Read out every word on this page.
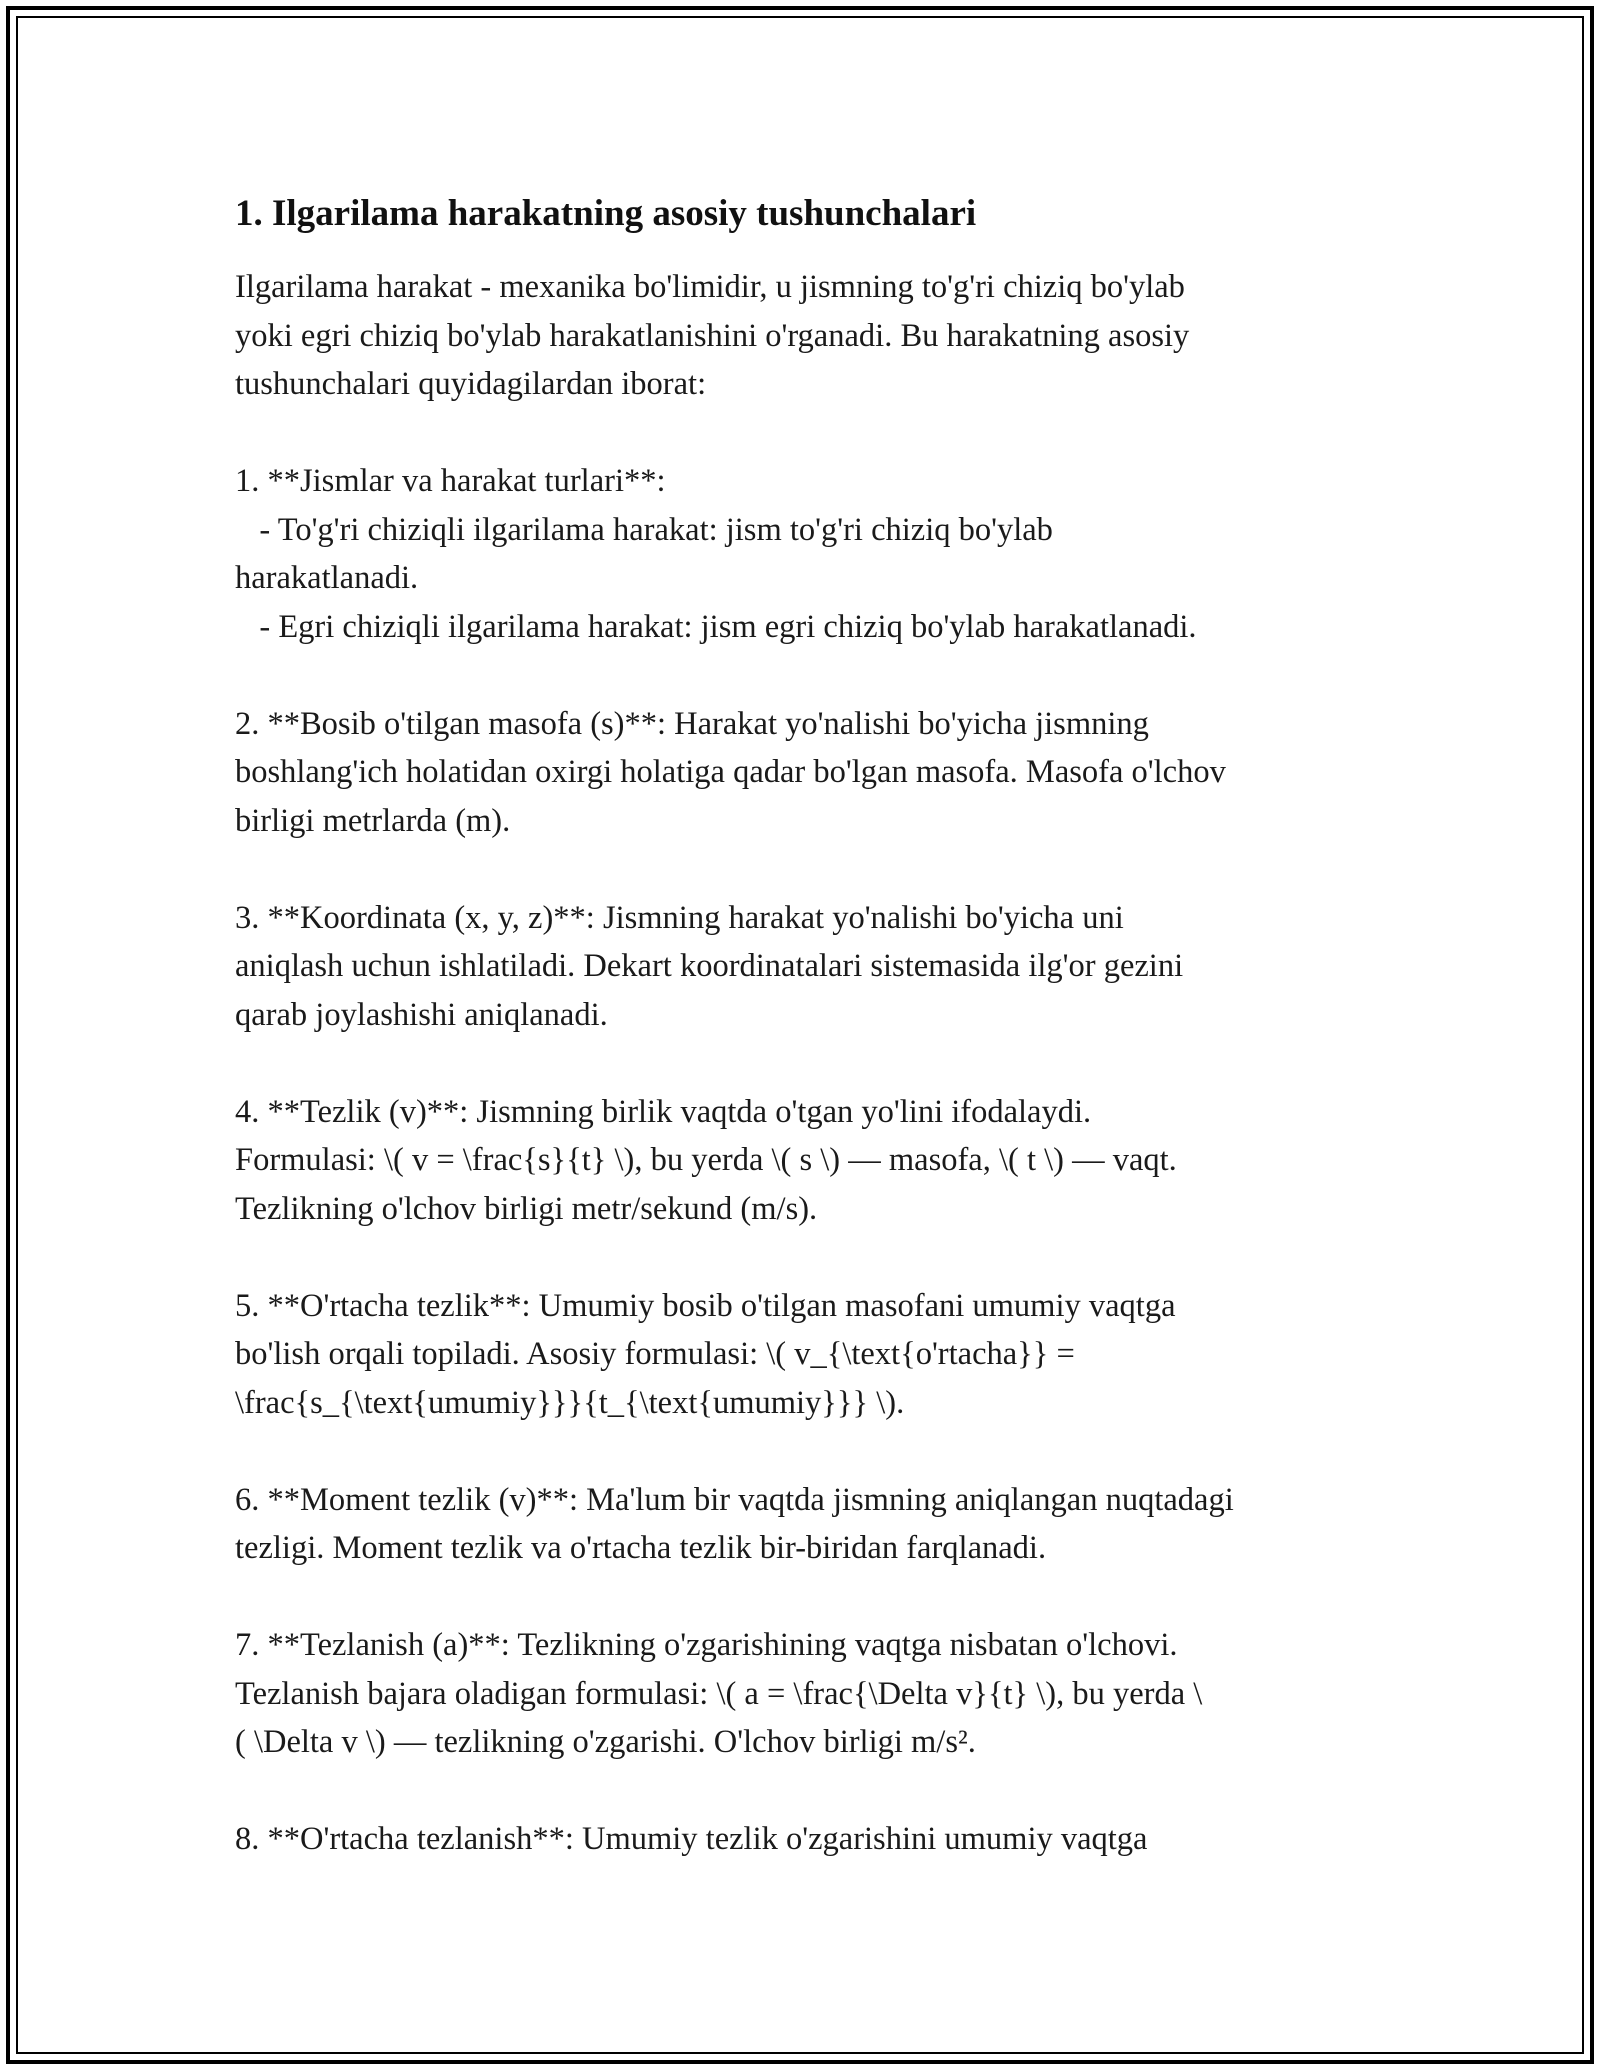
1. Ilgarilama harakatning asosiy tushunchalari

Ilgarilama harakat - mexanika bo'limidir, u jismning to'g'ri chiziq bo'ylab
yoki egri chiziq bo'ylab harakatlanishini o'rganadi. Bu harakatning asosiy
tushunchalari quyidagilardan iborat:

1. **Jismlar va harakat turlari**:
- To'g'ri chiziqli ilgarilama harakat: jism to'g'ri chiziq bo'ylab
harakatlanadi.
- Egri chiziqli ilgarilama harakat: jism egri chiziq bo'ylab harakatlanadi.

2. **Bosib o'tilgan masofa (s)**: Harakat yo'nalishi bo'yicha jismning
boshlang'ich holatidan oxirgi holatiga qadar bo'lgan masofa. Masofa o'lchov
birligi metrlarda (m).

3. **Koordinata (x, y, z)**: Jismning harakat yo'nalishi bo'yicha uni
aniqlash uchun ishlatiladi. Dekart koordinatalari sistemasida ilg'or gezini
qarab joylashishi aniqlanadi.

4. **Tezlik (v)**: Jismning birlik vaqtda o'tgan yo'lini ifodalaydi.
Formulasi: \( v = \frac{s}{t} \), bu yerda \( s \) — masofa, \( t \) — vaqt.
Tezlikning o'lchov birligi metr/sekund (m/s).

5. **O'rtacha tezlik**: Umumiy bosib o'tilgan masofani umumiy vaqtga
bo'lish orqali topiladi. Asosiy formulasi: \( v_{\text{o'rtacha}} =
\frac{s_{\text{umumiy}}}{t_{\text{umumiy}}} \).

6. **Moment tezlik (v)**: Ma'lum bir vaqtda jismning aniqlangan nuqtadagi
tezligi. Moment tezlik va o'rtacha tezlik bir-biridan farqlanadi.

7. **Tezlanish (a)**: Tezlikning o'zgarishining vaqtga nisbatan o'lchovi.
Tezlanish bajara oladigan formulasi: \( a = \frac{\Delta v}{t} \), bu yerda \
( \Delta v \) — tezlikning o'zgarishi. O'lchov birligi m/s².

8. **O'rtacha tezlanish**: Umumiy tezlik o'zgarishini umumiy vaqtga
